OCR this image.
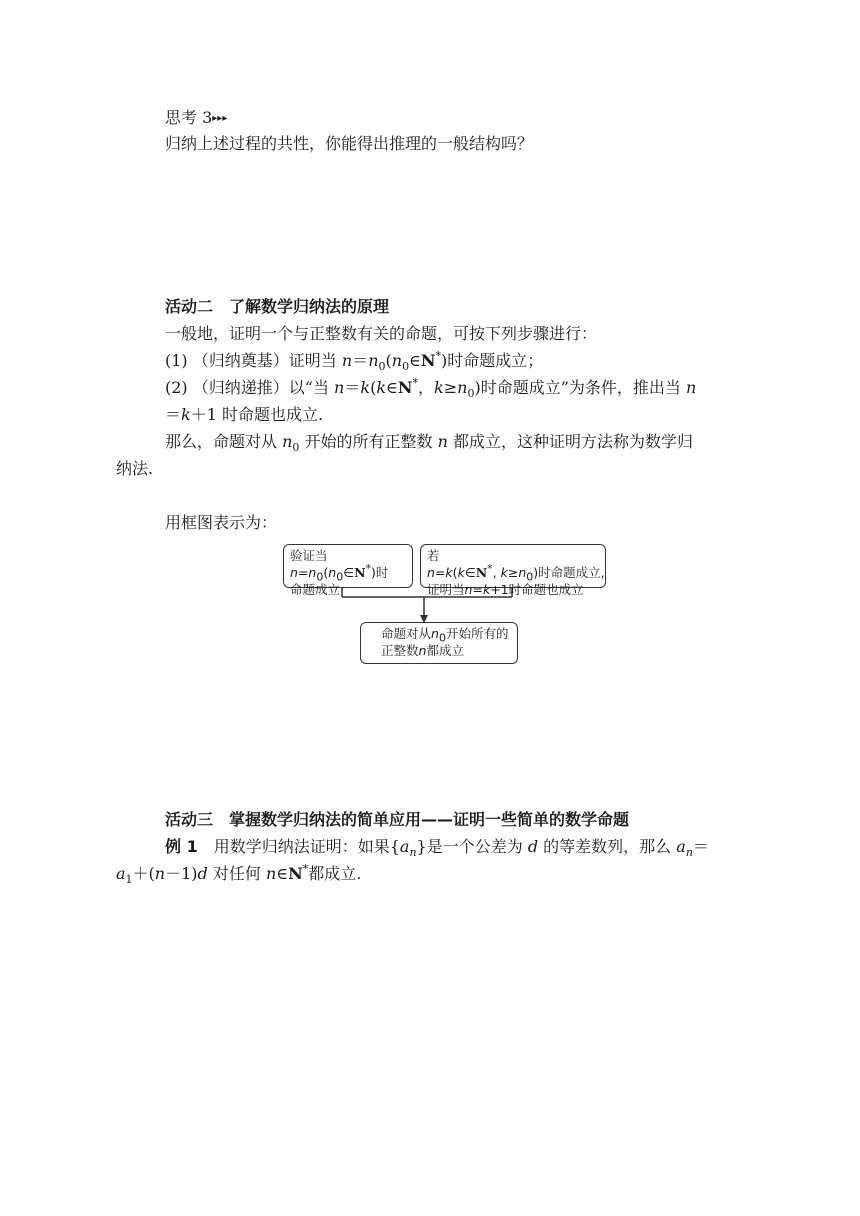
思考 3▸▸▸
归纳上述过程的共性，你能得出推理的一般结构吗？
活动二　了解数学归纳法的原理
一般地，证明一个与正整数有关的命题，可按下列步骤进行：
(1) （归纳奠基）证明当 $n=n_0(n_0\in N^*)$时命题成立；
(2) （归纳递推）以“当 n＝k(k∈N*，$k\ge n_0$)时命题成立”为条件，推出当 n
＝k＋1 时命题也成立.
那么，命题对从 $n_0$ 开始的所有正整数 n 都成立，这种证明方法称为数学归
纳法.
用框图表示为：
验证当$n=n_0(n_0\in N^*)$时
命题成立
若n=k(k∈N*, $k\ge n_0$)时命题成立,
证明当n=k+1时命题也成立
命题对从$n_0$开始所有的
正整数n都成立
活动三　掌握数学归纳法的简单应用——证明一些简单的数学命题
例 1　用数学归纳法证明：如果$\{a_n\}$是一个公差为 d 的等差数列，那么 $a_n=$
$a_1+(n-1)d$ 对任何 n∈N*都成立.
